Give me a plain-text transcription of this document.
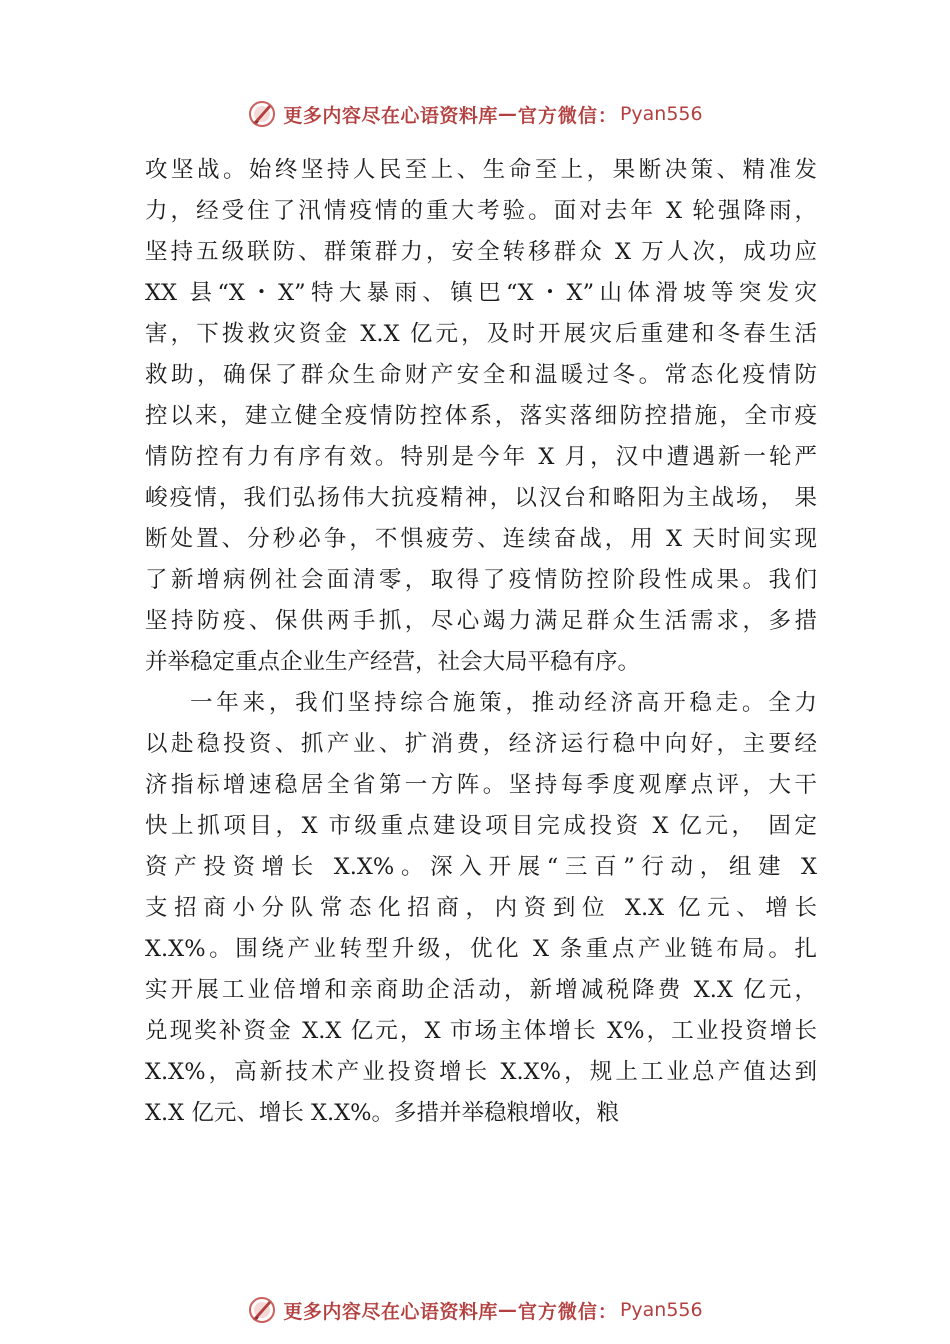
更多内容尽在心语资料库 — 官方微信： Pyan556
攻坚战。始终坚持人民至上、生命至上，果断决策、精准发
力，经受住了汛情疫情的重大考验。面对去年 X 轮强降雨，
坚持五级联防、群策群力，安全转移群众 X 万人次，成功应
XX 县“X・X”特大暴雨、镇巴“X・X”山体滑坡等突发灾
害，下拨救灾资金 X.X 亿元，及时开展灾后重建和冬春生活
救助，确保了群众生命财产安全和温暖过冬。常态化疫情防
控以来，建立健全疫情防控体系，落实落细防控措施，全市疫
情防控有力有序有效。特别是今年 X 月，汉中遭遇新一轮严
峻疫情，我们弘扬伟大抗疫精神，以汉台和略阳为主战场， 果
断处置、分秒必争，不惧疲劳、连续奋战，用 X 天时间实现
了新增病例社会面清零，取得了疫情防控阶段性成果。我们
坚持防疫、保供两手抓，尽心竭力满足群众生活需求，多措
并举稳定重点企业生产经营，社会大局平稳有序。
一年来，我们坚持综合施策，推动经济高开稳走。全力
以赴稳投资、抓产业、扩消费，经济运行稳中向好，主要经
济指标增速稳居全省第一方阵。坚持每季度观摩点评，大干
快上抓项目，X 市级重点建设项目完成投资 X 亿元， 固定
资产投资增长 X.X%。深入开展“三百”行动，组建 X
支招商小分队常态化招商，内资到位 X.X 亿元、增长
X.X%。围绕产业转型升级，优化 X 条重点产业链布局。扎
实开展工业倍增和亲商助企活动，新增减税降费 X.X 亿元，
兑现奖补资金 X.X 亿元，X 市场主体增长 X%，工业投资增长
X.X%，高新技术产业投资增长 X.X%，规上工业总产值达到
X.X 亿元、增长 X.X%。多措并举稳粮增收，粮
更多内容尽在心语资料库 — 官方微信： Pyan556
